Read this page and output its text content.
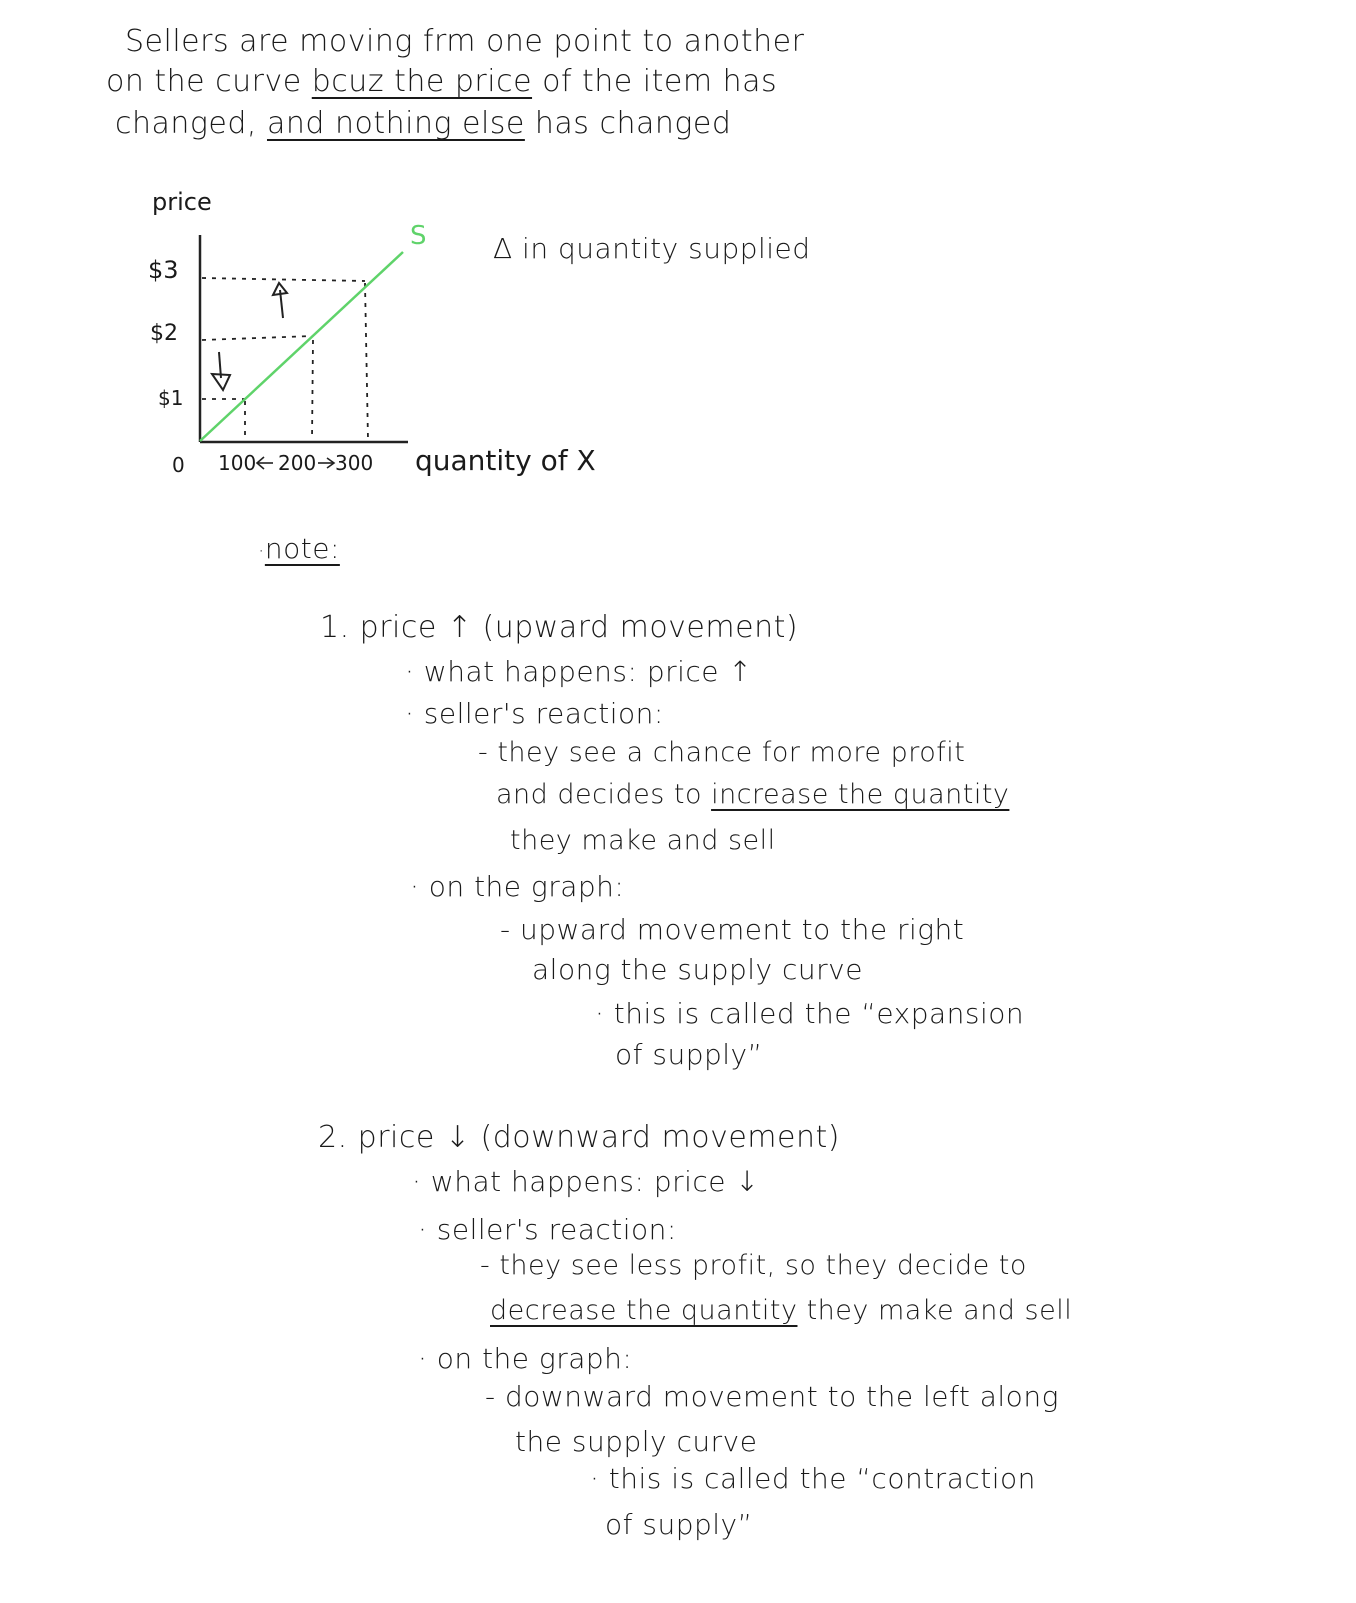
Sellers are moving frm one point to another
on the curve bcuz the price of the item has
changed, and nothing else has changed
price
$3
$2
$1
S
0 100 200 300 quantity of X
Δ in quantity supplied
·note:
1. price ↑ (upward movement)
· what happens: price ↑
· seller's reaction:
- they see a chance for more profit
and decides to increase the quantity
they make and sell
· on the graph:
- upward movement to the right
along the supply curve
· this is called the “expansion
of supply”
2. price ↓ (downward movement)
· what happens: price ↓
· seller's reaction:
- they see less profit, so they decide to
decrease the quantity they make and sell
· on the graph:
- downward movement to the left along
the supply curve
· this is called the “contraction
of supply”
